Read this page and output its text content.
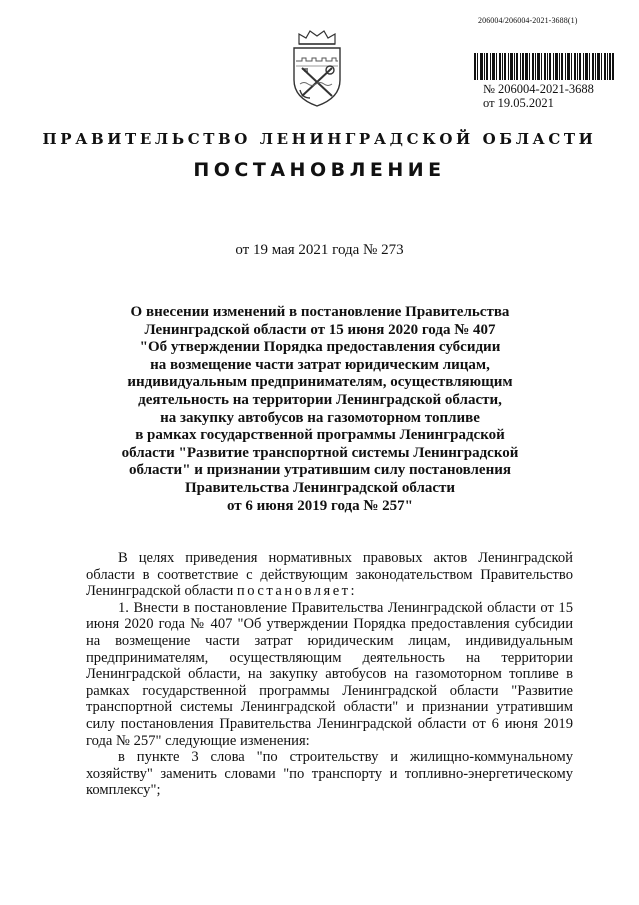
206004/206004-2021-3688(1)
№ 206004-2021-3688
от 19.05.2021
ПРАВИТЕЛЬСТВО ЛЕНИНГРАДСКОЙ ОБЛАСТИ
ПОСТАНОВЛЕНИЕ
от 19 мая 2021 года № 273
О внесении изменений в постановление Правительства
Ленинградской области от 15 июня 2020 года № 407
"Об утверждении Порядка предоставления субсидии
на возмещение части затрат юридическим лицам,
индивидуальным предпринимателям, осуществляющим
деятельность на территории Ленинградской области,
на закупку автобусов на газомоторном топливе
в рамках государственной программы Ленинградской
области "Развитие транспортной системы Ленинградской
области" и признании утратившим силу постановления
Правительства Ленинградской области
от 6 июня 2019 года № 257"

В целях приведения нормативных правовых актов Ленинградской области в соответствие с действующим законодательством Правительство Ленинградской области постановляет:

1. Внести в постановление Правительства Ленинградской области от 15 июня 2020 года № 407 "Об утверждении Порядка предоставления субсидии на возмещение части затрат юридическим лицам, индивидуальным предпринимателям, осуществляющим деятельность на территории Ленинградской области, на закупку автобусов на газомоторном топливе в рамках государственной программы Ленинградской области "Развитие транспортной системы Ленинградской области" и признании утратившим силу постановления Правительства Ленинградской области от 6 июня 2019 года № 257" следующие изменения:

в пункте 3 слова "по строительству и жилищно-коммунальному хозяйству" заменить словами "по транспорту и топливно-энергетическому комплексу";
